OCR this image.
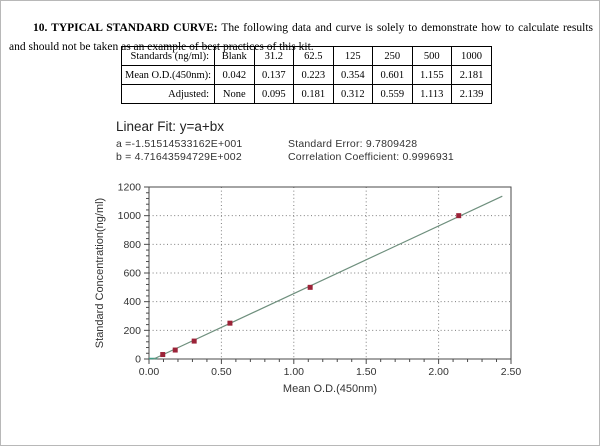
10. TYPICAL STANDARD CURVE: The following data and curve is solely to demonstrate how to calculate results and should not be taken as an example of best practices of this kit.

Standards (ng/ml):	Blank	31.2	62.5	125	250	500	1000
Mean O.D.(450nm):	0.042	0.137	0.223	0.354	0.601	1.155	2.181
Adjusted:	None	0.095	0.181	0.312	0.559	1.113	2.139
Linear Fit: y=a+bx
a =-1.51514533162E+001
b = 4.71643594729E+002
Standard Error: 9.7809428
Correlation Coefficient: 0.9996931
0
200
400
600
800
1000
1200
0.00	0.50	1.00	1.50	2.00	2.50
Mean O.D.(450nm)
Standard Concentration(ng/ml)
